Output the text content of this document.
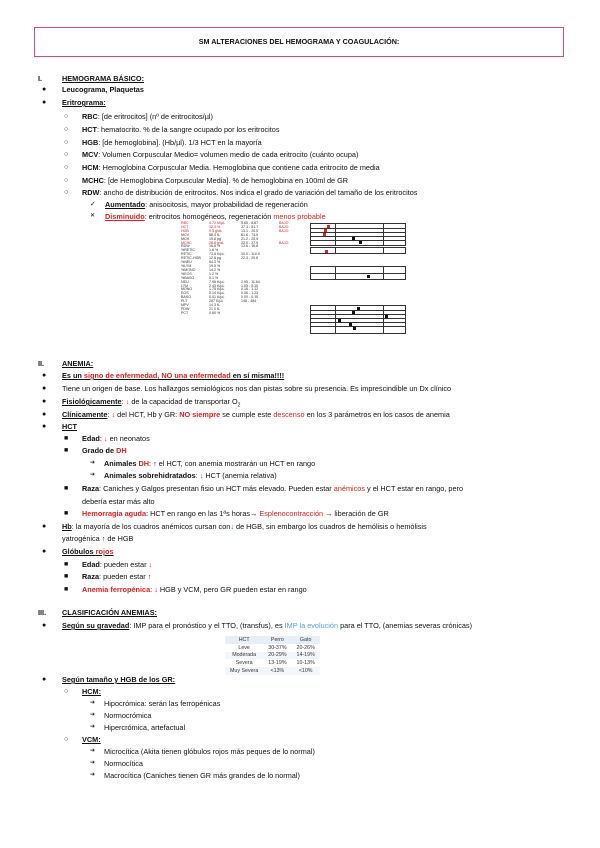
SM ALTERACIONES DEL HEMOGRAMA Y COAGULACIÓN:
I.	HEMOGRAMA BÁSICO:
● Leucograma, Plaquetas
● Eritrograma:
○ RBC: [de eritrocitos] (nº de eritrocitos/µl)
○ HCT: hematocrito. % de la sangre ocupado por los eritrocitos
○ HGB: [de hemoglobina]. (Hb/µl). 1/3 HCT en la mayoría
○ MCV: Volumen Corpuscular Medio= volumen medio de cada eritrocito (cuánto ocupa)
○ HCM: Hemoglobina Corpuscular Media. Hemoglobina que contiene cada eritrocito de media
○ MCHC: [de Hemoglobina Corpuscular Media]. % de hemoglobina en 100ml de GR
○ RDW: ancho de distribución de eritrocitos. Nos indica el grado de variación del tamaño de los eritrocitos
✓ Aumentado: anisocitosis, mayor probabilidad de regeneración
✕ Disminuido: eritrocitos homogéneos, regeneración menos probable
RBC	4.72 M/µL	5.65 - 8.87	BAJO
HCT	32.3 %	37.3 - 61.7	BAJO
HGB	9.3 g/dL	13.1 - 20.5	BAJO
MCV	68.4 fL	61.6 - 73.5	
MCH	19.8 pg	21.2 - 25.9	
MCHC	28.8 g/dL	32.0 - 37.9	BAJO
RDW	16.8 %	13.6 - 16.8	
%RETIC	1.6 %		
RETIC	73.6 K/µL	10.0 - 110.0	
RETIC-HGB	12.8 pg	22.3 - 29.6	
%NEU	64.3 %		
%LYM	19.5 %		
%MONO	14.2 %		
%EOS	1.2 %		
%BASO	0.1 %		
NEU	7.96 K/µL	2.95 - 11.64	
LYM	2.43 K/µL	1.05 - 5.10	
MONO	1.75 K/µL	0.16 - 1.12	
EOS	0.14 K/µL	0.06 - 1.23	
BASO	0.01 K/µL	0.00 - 0.10	
PLT	287 K/µL	148 - 484	
MPV	14.3 fL		
PDW	21.0 fL		
PCT	0.60 %		
II. ANEMIA:
● Es un signo de enfermedad, NO una enfermedad en sí misma!!!!
● Tiene un origen de base. Los hallazgos semiológicos nos dan pistas sobre su presencia. Es imprescindible un Dx clínico
● Fisiológicamente: ↓ de la capacidad de transportar $O_2$
● Clínicamente: ↓ del HCT, Hb y GR: NO siempre se cumple este descenso en los 3 parámetros en los casos de anemia
● HCT
■ Edad: ↓ en neonatos
■ Grado de DH
➔ Animales DH: ↑ el HCT, con anemia mostrarán un HCT en rango
➔ Animales sobrehidratados: ↓ HCT (anemia relativa)
■ Raza: Caniches y Galgos presentan fisio un HCT más elevado. Pueden estar anémicos y el HCT estar en rango, pero
debería estar más alto
■ Hemorragia aguda: HCT en rango en las 1ªs horas→ Esplenocontracción → liberación de GR
● Hb: la mayoría de los cuadros anémicos cursan con↓ de HGB, sin embargo los cuadros de hemólisis o hemólisis
yatrogénica ↑ de HGB
● Glóbulos rojos
■ Edad: pueden estar ↓
■ Raza: pueden estar ↑
■ Anemia ferropénica: ↓ HGB y VCM, pero GR pueden estar en rango
III. CLASIFICACIÓN ANEMIAS:
● Según su gravedad: IMP para el pronóstico y el TTO, (transfus), es IMP la evolución para el TTO, (anemias severas crónicas)
HCT	Perro	Gato
Leve	30-37%	20-26%
Moderada	20-29%	14-19%
Severa	13-19%	10-13%
Muy Severa	<13%	<10%
● Según tamaño y HGB de los GR:
○ HCM:
➔ Hipocrómica: serán las ferropénicas
➔ Normocrómica
➔ Hipercrómica, artefactual
○ VCM:
➔ Microcítica (Akita tienen glóbulos rojos más peques de lo normal)
➔ Normocítica
➔ Macrocítica (Caniches tienen GR más grandes de lo normal)
